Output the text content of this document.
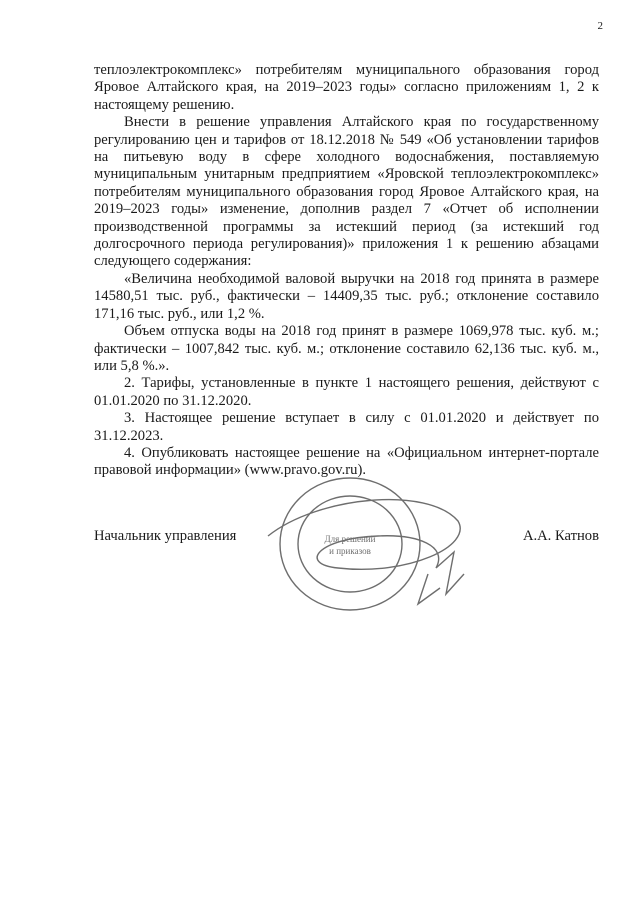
2

теплоэлектрокомплекс» потребителям муниципального образования город Яровое Алтайского края, на 2019–2023 годы» согласно приложениям 1, 2 к настоящему решению.

Внести в решение управления Алтайского края по государственному регулированию цен и тарифов от 18.12.2018 № 549 «Об установлении тарифов на питьевую воду в сфере холодного водоснабжения, поставляемую муниципальным унитарным предприятием «Яровской теплоэлектрокомплекс» потребителям муниципального образования город Яровое Алтайского края, на 2019–2023 годы» изменение, дополнив раздел 7 «Отчет об исполнении производственной программы за истекший период (за истекший год долгосрочного периода регулирования)» приложения 1 к решению абзацами следующего содержания:

«Величина необходимой валовой выручки на 2018 год принята в размере 14580,51 тыс. руб., фактически – 14409,35 тыс. руб.; отклонение составило 171,16 тыс. руб., или 1,2 %.

Объем отпуска воды на 2018 год принят в размере 1069,978 тыс. куб. м.; фактически – 1007,842 тыс. куб. м.; отклонение составило 62,136 тыс. куб. м., или 5,8 %.».

2. Тарифы, установленные в пункте 1 настоящего решения, действуют с 01.01.2020 по 31.12.2020.

3. Настоящее решение вступает в силу с 01.01.2020 и действует по 31.12.2023.

4. Опубликовать настоящее решение на «Официальном интернет-портале правовой информации» (www.pravo.gov.ru).

Начальник управления	А.А. Катнов
Для решений
и приказов
